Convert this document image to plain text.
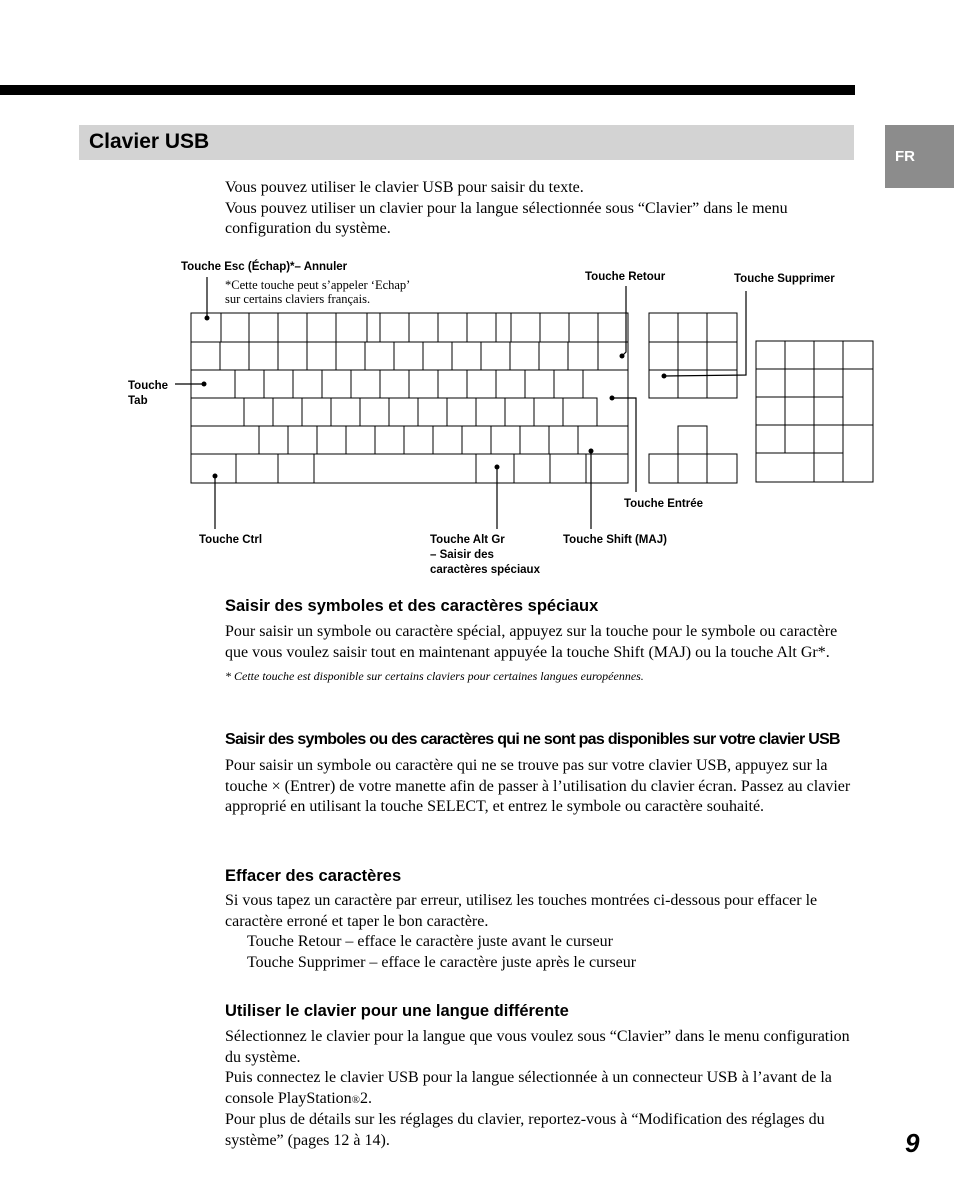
Clavier USB
FR

Vous pouvez utiliser le clavier USB pour saisir du texte.

Vous pouvez utiliser un clavier pour la langue sélectionnée sous “Clavier” dans le menu configuration du système.

Touche Esc (Échap)*– Annuler
*Cette touche peut s’appeler ‘Echap’
sur certains claviers français.
Touche Retour	Touche Supprimer
Touche
Tab
Touche Entrée
Touche Ctrl	Touche Alt Gr
– Saisir des
caractères spéciaux
Touche Shift (MAJ)
Saisir des symboles et des caractères spéciaux

Pour saisir un symbole ou caractère spécial, appuyez sur la touche pour le symbole ou caractère que vous voulez saisir tout en maintenant appuyée la touche Shift (MAJ) ou la touche Alt Gr*.

* Cette touche est disponible sur certains claviers pour certaines langues européennes.

Saisir des symboles ou des caractères qui ne sont pas disponibles sur votre clavier USB

Pour saisir un symbole ou caractère qui ne se trouve pas sur votre clavier USB, appuyez sur la touche × (Entrer) de votre manette afin de passer à l’utilisation du clavier écran. Passez au clavier approprié en utilisant la touche SELECT, et entrez le symbole ou caractère souhaité.

Effacer des caractères

Si vous tapez un caractère par erreur, utilisez les touches montrées ci-dessous pour effacer le caractère erroné et taper le bon caractère.

Touche Retour – efface le caractère juste avant le curseur

Touche Supprimer – efface le caractère juste après le curseur

Utiliser le clavier pour une langue différente

Sélectionnez le clavier pour la langue que vous voulez sous “Clavier” dans le menu configuration du système.

Puis connectez le clavier USB pour la langue sélectionnée à un connecteur USB à l’avant de la console PlayStation®2.

Pour plus de détails sur les réglages du clavier, reportez-vous à “Modification des réglages du système” (pages 12 à 14).	9
